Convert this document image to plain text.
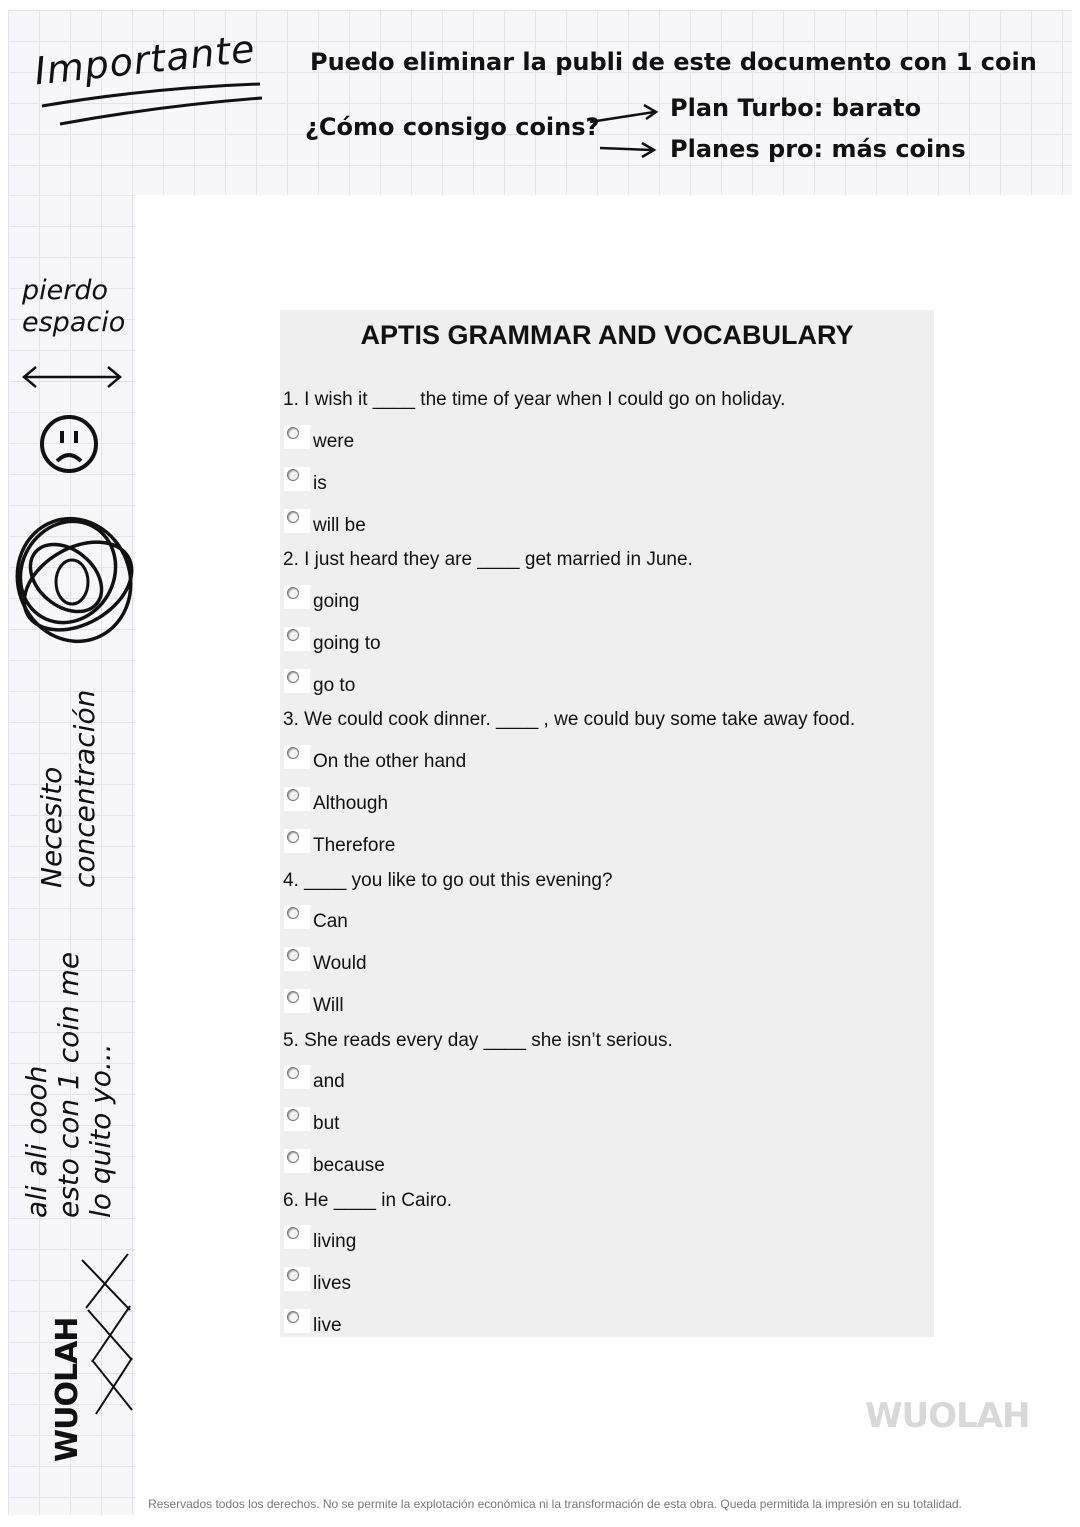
Importante Puedo eliminar la publi de este documento con 1 coin
¿Cómo consigo coins?
Plan Turbo: barato
Planes pro: más coins
pierdo espacio
Necesito concentración
ali ali oooh esto con 1 coin me lo quito yo...
WUOLAH
APTIS GRAMMAR AND VOCABULARY
1. I wish it ____ the time of year when I could go on holiday.
were
is
will be
2. I just heard they are ____ get married in June.
going
going to
go to
3. We could cook dinner. ____ , we could buy some take away food.
On the other hand
Although
Therefore
4. ____ you like to go out this evening?
Can
Would
Will
5. She reads every day ____ she isn’t serious.
and
but
because
6. He ____ in Cairo.
living
lives
live
WUOLAH
Reservados todos los derechos. No se permite la explotación económica ni la transformación de esta obra. Queda permitida la impresión en su totalidad.
